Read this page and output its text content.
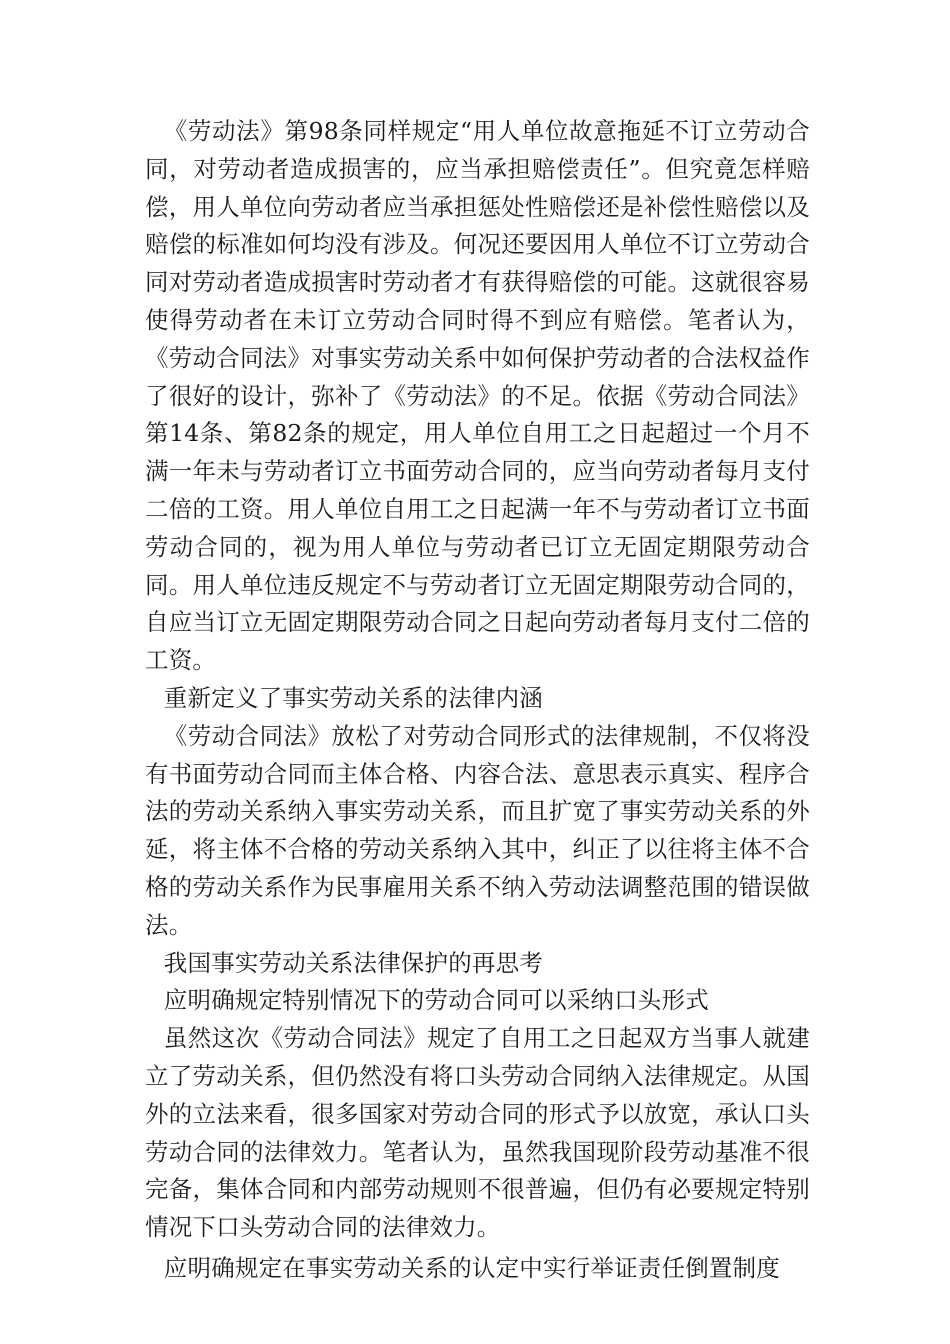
《劳动法》第98条同样规定“用人单位故意拖延不订立劳动合同，对劳动者造成损害的，应当承担赔偿责任”。但究竟怎样赔偿，用人单位向劳动者应当承担惩处性赔偿还是补偿性赔偿以及赔偿的标准如何均没有涉及。何况还要因用人单位不订立劳动合同对劳动者造成损害时劳动者才有获得赔偿的可能。这就很容易使得劳动者在未订立劳动合同时得不到应有赔偿。笔者认为，《劳动合同法》对事实劳动关系中如何保护劳动者的合法权益作了很好的设计，弥补了《劳动法》的不足。依据《劳动合同法》第14条、第82条的规定，用人单位自用工之日起超过一个月不满一年未与劳动者订立书面劳动合同的，应当向劳动者每月支付二倍的工资。用人单位自用工之日起满一年不与劳动者订立书面劳动合同的，视为用人单位与劳动者已订立无固定期限劳动合同。用人单位违反规定不与劳动者订立无固定期限劳动合同的，自应当订立无固定期限劳动合同之日起向劳动者每月支付二倍的工资。

重新定义了事实劳动关系的法律内涵

《劳动合同法》放松了对劳动合同形式的法律规制，不仅将没有书面劳动合同而主体合格、内容合法、意思表示真实、程序合法的劳动关系纳入事实劳动关系，而且扩宽了事实劳动关系的外延，将主体不合格的劳动关系纳入其中，纠正了以往将主体不合格的劳动关系作为民事雇用关系不纳入劳动法调整范围的错误做法。

我国事实劳动关系法律保护的再思考

应明确规定特别情况下的劳动合同可以采纳口头形式

虽然这次《劳动合同法》规定了自用工之日起双方当事人就建立了劳动关系，但仍然没有将口头劳动合同纳入法律规定。从国外的立法来看，很多国家对劳动合同的形式予以放宽，承认口头劳动合同的法律效力。笔者认为，虽然我国现阶段劳动基准不很完备，集体合同和内部劳动规则不很普遍，但仍有必要规定特别情况下口头劳动合同的法律效力。

应明确规定在事实劳动关系的认定中实行举证责任倒置制度
